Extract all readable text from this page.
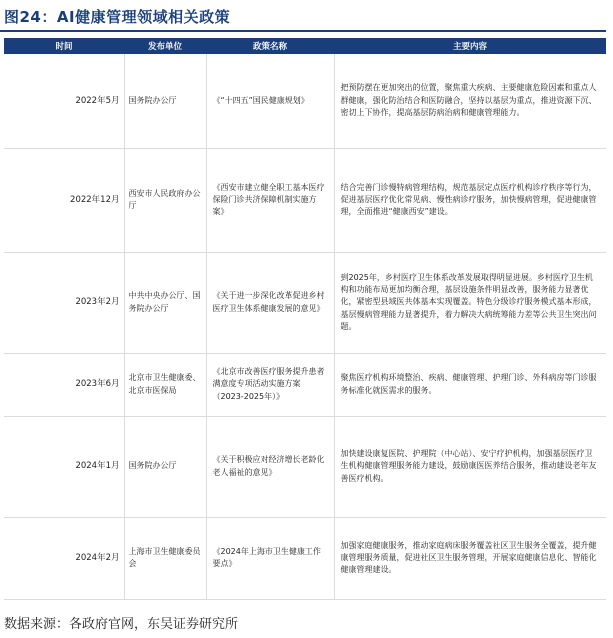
图24：AI健康管理领域相关政策
时间	发布单位	政策名称	主要内容
2022年5月	国务院办公厅	《“十四五”国民健康规划》	把预防摆在更加突出的位置，聚焦重大疾病、主要健康危险因素和重点人群健康，强化防治结合和医防融合，坚持以基层为重点，推进资源下沉、密切上下协作，提高基层防病治病和健康管理能力。
2022年12月	西安市人民政府办公厅	《西安市建立健全职工基本医疗保险门诊共济保障机制实施方案》	结合完善门诊慢特病管理结构，规范基层定点医疗机构诊疗秩序等行为，促进基层医疗优化常见病、慢性病诊疗服务，加快慢病管理，促进健康管理，全面推进“健康西安”建设。
2023年2月	中共中央办公厅、国务院办公厅	《关于进一步深化改革促进乡村医疗卫生体系健康发展的意见》	到2025年，乡村医疗卫生体系改革发展取得明显进展。乡村医疗卫生机构和功能布局更加均衡合理，基层设施条件明显改善，服务能力显著优化，紧密型县域医共体基本实现覆盖。特色分级诊疗服务模式基本形成，基层慢病管理能力显著提升，着力解决大病统筹能力差等公共卫生突出问题。
2023年6月	北京市卫生健康委、北京市医保局	《北京市改善医疗服务提升患者满意度专项活动实施方案（2023-2025年）》	聚焦医疗机构环境整治、疾病、健康管理、护理门诊、外科病房等门诊服务标准化就医需求的服务。
2024年1月	国务院办公厅	《关于积极应对经济增长老龄化老人福祉的意见》	加快建设康复医院、护理院（中心站）、安宁疗护机构，加强基层医疗卫生机构健康管理服务能力建设，鼓励康医医养结合服务，推动建设老年友善医疗机构。
2024年2月	上海市卫生健康委员会	《2024年上海市卫生健康工作要点》	加强家庭健康服务，推动家庭病床服务覆盖社区卫生服务全覆盖，提升健康管理服务质量，促进社区卫生服务管理，开展家庭健康信息化、智能化健康管理建设。
数据来源：各政府官网，东吴证券研究所
